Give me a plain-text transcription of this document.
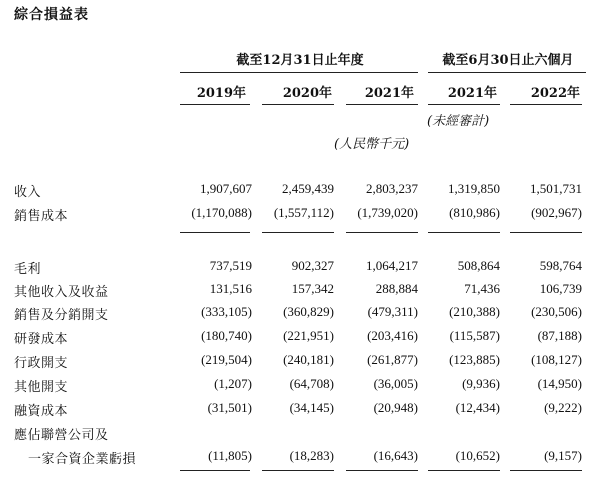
綜合損益表
截至12月31日止年度	截至6月30日止六個月
2019年	2020年	2021年	2021年	2022年
(未經審計)
(人民幣千元)
收入	1,907,607	2,459,439	2,803,237	1,319,850	1,501,731
銷售成本	(1,170,088)	(1,557,112)	(1,739,020)	(810,986)	(902,967)
毛利	737,519	902,327	1,064,217	508,864	598,764
其他收入及收益	131,516	157,342	288,884	71,436	106,739
銷售及分銷開支	(333,105)	(360,829)	(479,311)	(210,388)	(230,506)
研發成本	(180,740)	(221,951)	(203,416)	(115,587)	(87,188)
行政開支	(219,504)	(240,181)	(261,877)	(123,885)	(108,127)
其他開支	(1,207)	(64,708)	(36,005)	(9,936)	(14,950)
融資成本	(31,501)	(34,145)	(20,948)	(12,434)	(9,222)
應佔聯營公司及
一家合資企業虧損	(11,805)	(18,283)	(16,643)	(10,652)	(9,157)
